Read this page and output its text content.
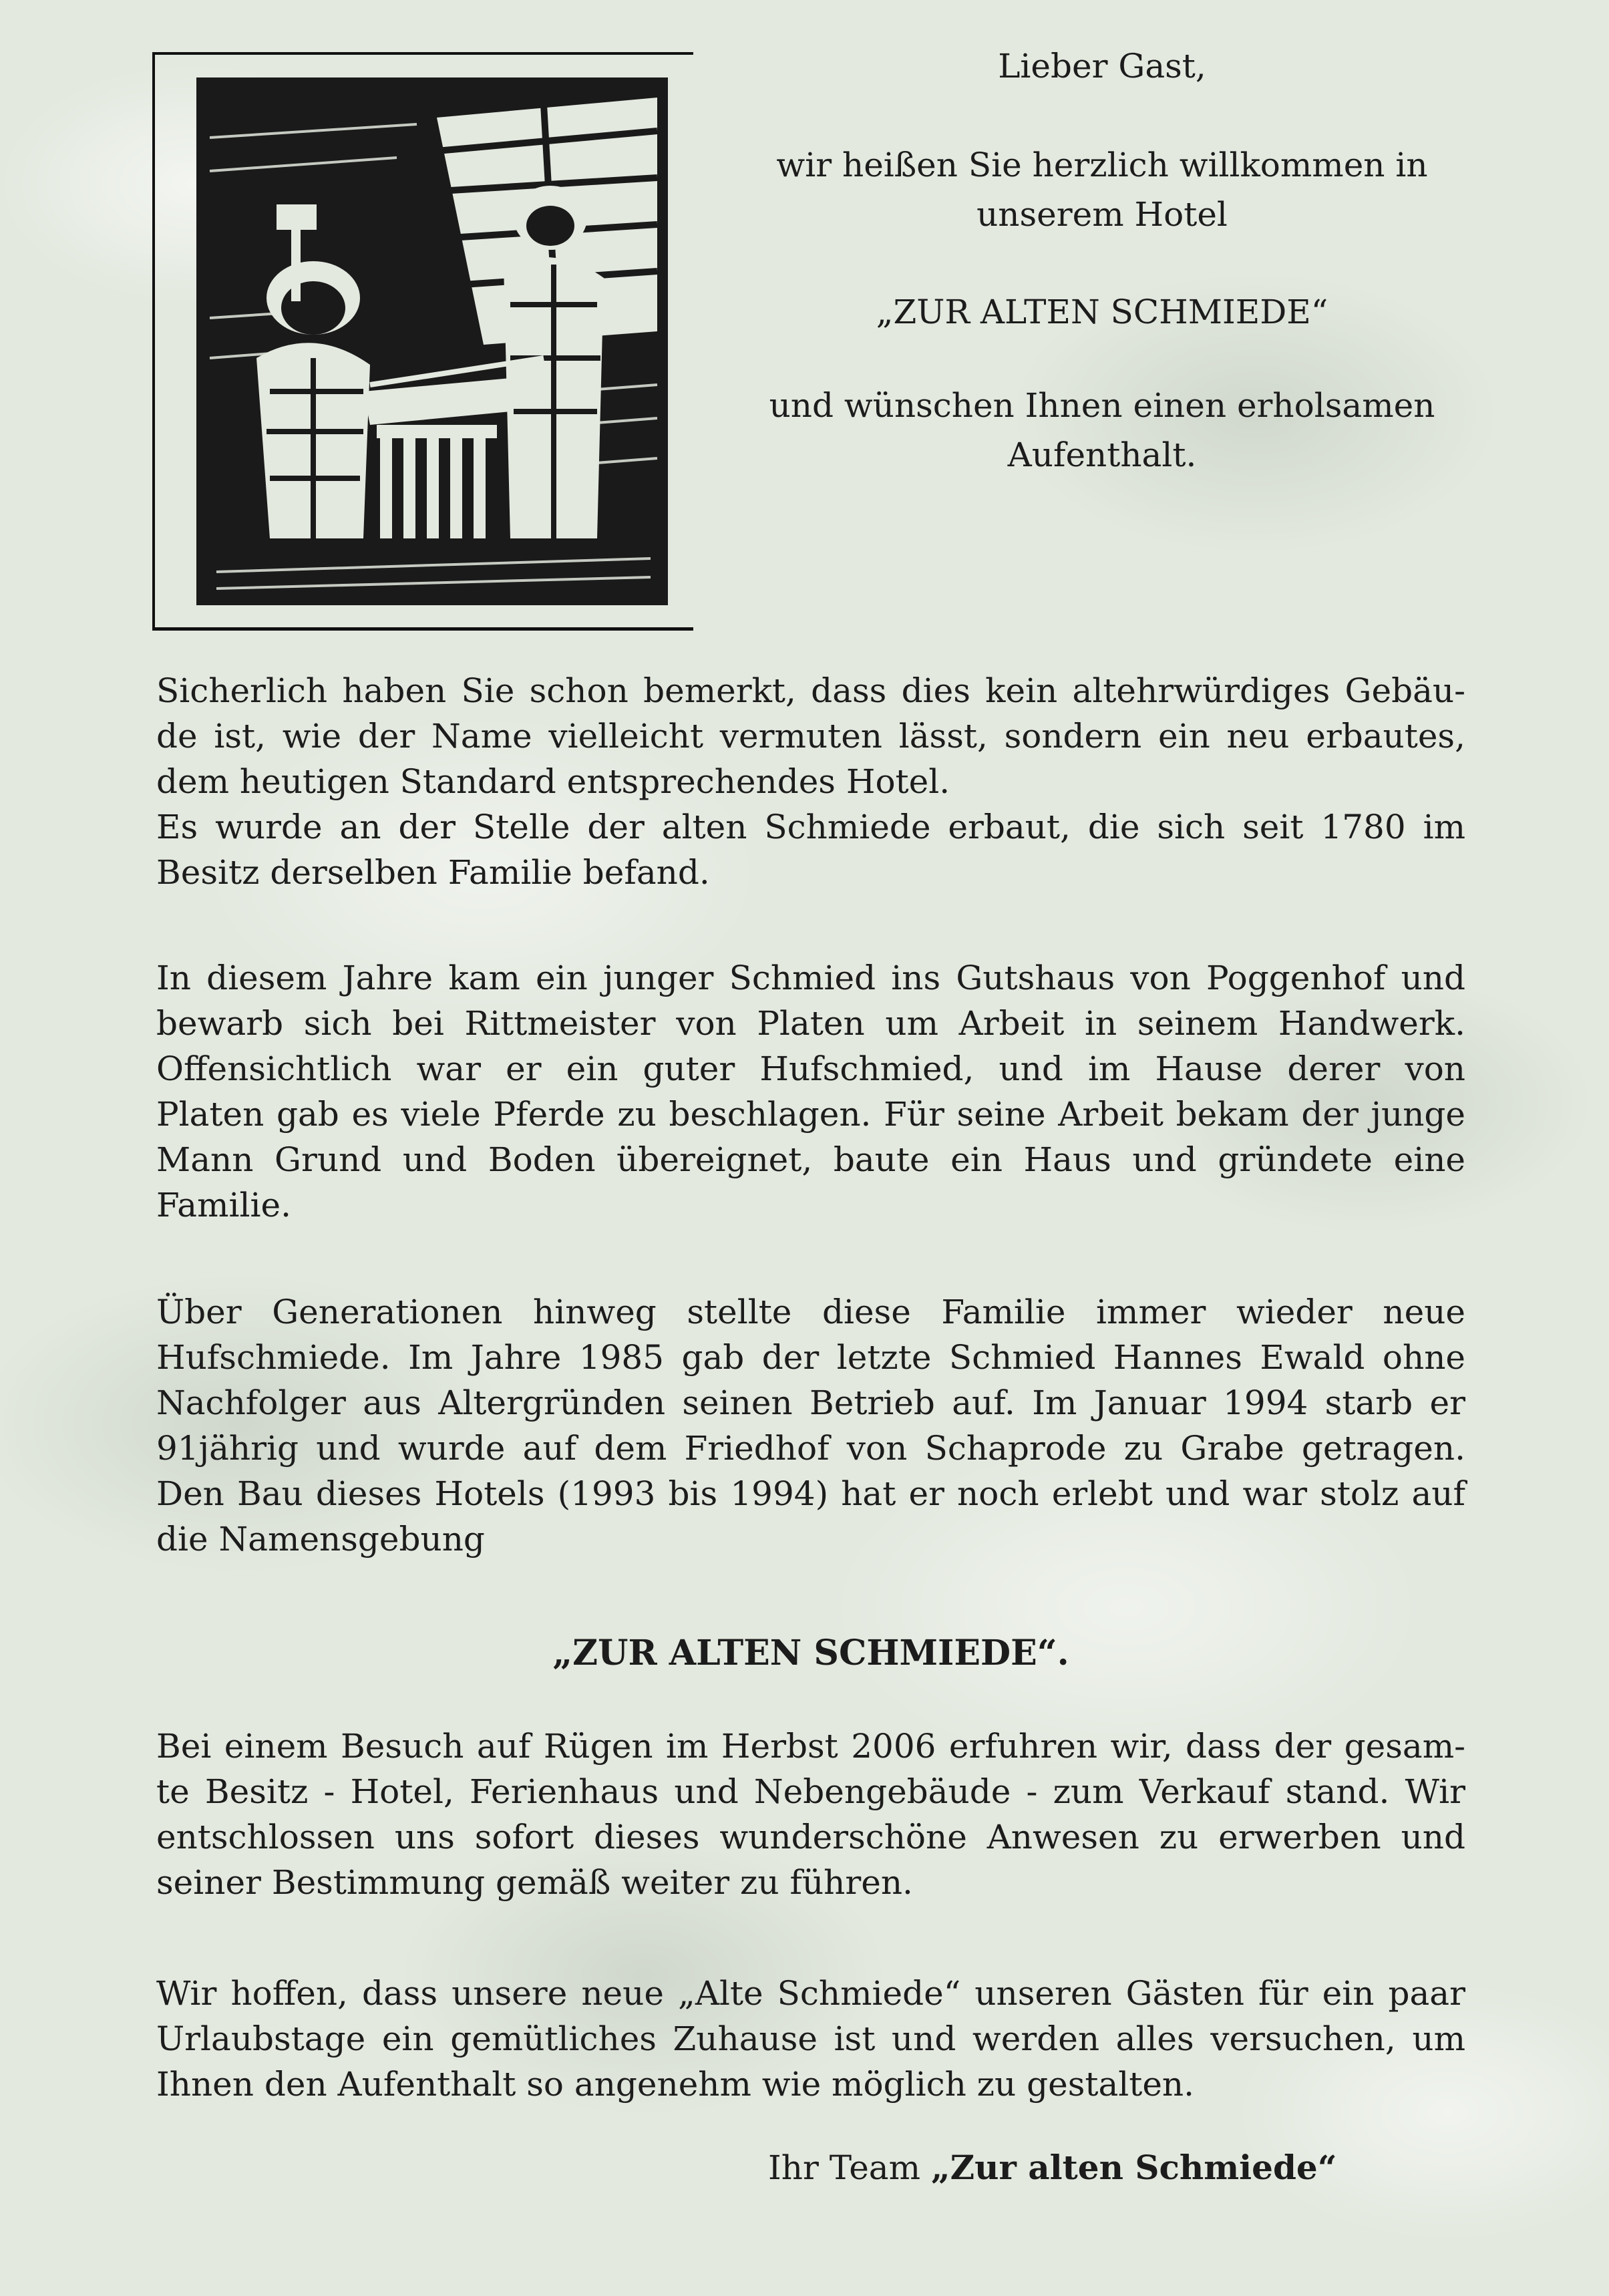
Lieber Gast,

wir heißen Sie herzlich willkommen in
unserem Hotel

„ZUR ALTEN SCHMIEDE“

und wünschen Ihnen einen erholsamen
Aufenthalt.

Sicherlich haben Sie schon bemerkt, dass dies kein altehrwürdiges Gebäu-
de ist, wie der Name vielleicht vermuten lässt, sondern ein neu erbautes,
dem heutigen Standard entsprechendes Hotel.
Es wurde an der Stelle der alten Schmiede erbaut, die sich seit 1780 im
Besitz derselben Familie befand.
In diesem Jahre kam ein junger Schmied ins Gutshaus von Poggenhof und
bewarb sich bei Rittmeister von Platen um Arbeit in seinem Handwerk.
Offensichtlich war er ein guter Hufschmied, und im Hause derer von
Platen gab es viele Pferde zu beschlagen. Für seine Arbeit bekam der junge
Mann Grund und Boden übereignet, baute ein Haus und gründete eine
Familie.
Über Generationen hinweg stellte diese Familie immer wieder neue
Hufschmiede. Im Jahre 1985 gab der letzte Schmied Hannes Ewald ohne
Nachfolger aus Altergründen seinen Betrieb auf. Im Januar 1994 starb er
91jährig und wurde auf dem Friedhof von Schaprode zu Grabe getragen.
Den Bau dieses Hotels (1993 bis 1994) hat er noch erlebt und war stolz auf
die Namensgebung

„ZUR ALTEN SCHMIEDE“.

Bei einem Besuch auf Rügen im Herbst 2006 erfuhren wir, dass der gesam-
te Besitz - Hotel, Ferienhaus und Nebengebäude - zum Verkauf stand. Wir
entschlossen uns sofort dieses wunderschöne Anwesen zu erwerben und
seiner Bestimmung gemäß weiter zu führen.
Wir hoffen, dass unsere neue „Alte Schmiede“ unseren Gästen für ein paar
Urlaubstage ein gemütliches Zuhause ist und werden alles versuchen, um
Ihnen den Aufenthalt so angenehm wie möglich zu gestalten.

Ihr Team „Zur alten Schmiede“
